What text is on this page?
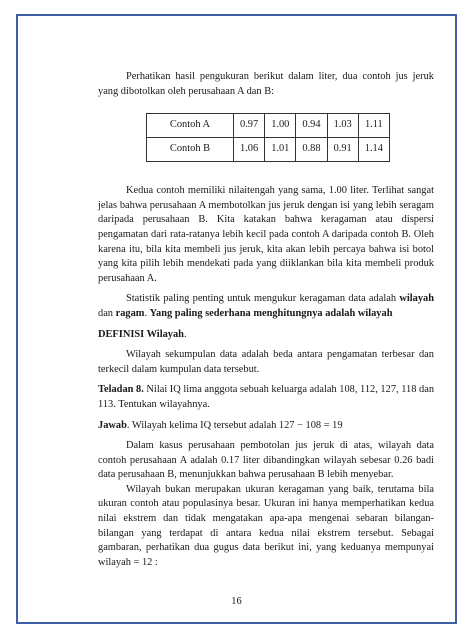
Perhatikan hasil pengukuran berikut dalam liter, dua contoh jus jeruk yang dibotolkan oleh perusahaan A dan B:

Contoh A	0.97	1.00	0.94	1.03	1.11
Contoh B	1.06	1.01	0.88	0.91	1.14

Kedua contoh memiliki nilaitengah yang sama, 1.00 liter. Terlihat sangat jelas bahwa perusahaan A membotolkan jus jeruk dengan isi yang lebih seragam daripada perusahaan B. Kita katakan bahwa keragaman atau dispersi pengamatan dari rata-ratanya lebih kecil pada contoh A daripada contoh B. Oleh karena itu, bila kita membeli jus jeruk, kita akan lebih percaya bahwa isi botol yang kita pilih lebih mendekati pada yang diiklankan bila kita membeli produk perusahaan A.

Statistik paling penting untuk mengukur keragaman data adalah wilayah dan ragam. Yang paling sederhana menghitungnya adalah wilayah

DEFINISI Wilayah.

Wilayah sekumpulan data adalah beda antara pengamatan terbesar dan terkecil dalam kumpulan data tersebut.

Teladan 8. Nilai IQ lima anggota sebuah keluarga adalah 108, 112, 127, 118 dan 113. Tentukan wilayahnya.

Jawab. Wilayah kelima IQ tersebut adalah 127 − 108 = 19

Dalam kasus perusahaan pembotolan jus jeruk di atas, wilayah data contoh perusahaan A adalah 0.17 liter dibandingkan wilayah sebesar 0.26 badi data perusahaan B, menunjukkan bahwa perusahaan B lebih menyebar.

Wilayah bukan merupakan ukuran keragaman yang baik, terutama bila ukuran contoh atau populasinya besar. Ukuran ini hanya memperhatikan kedua nilai ekstrem dan tidak mengatakan apa-apa mengenai sebaran bilangan-bilangan yang terdapat di antara kedua nilai ekstrem tersebut. Sebagai gambaran, perhatikan dua gugus data berikut ini, yang keduanya mempunyai wilayah = 12 :

16
